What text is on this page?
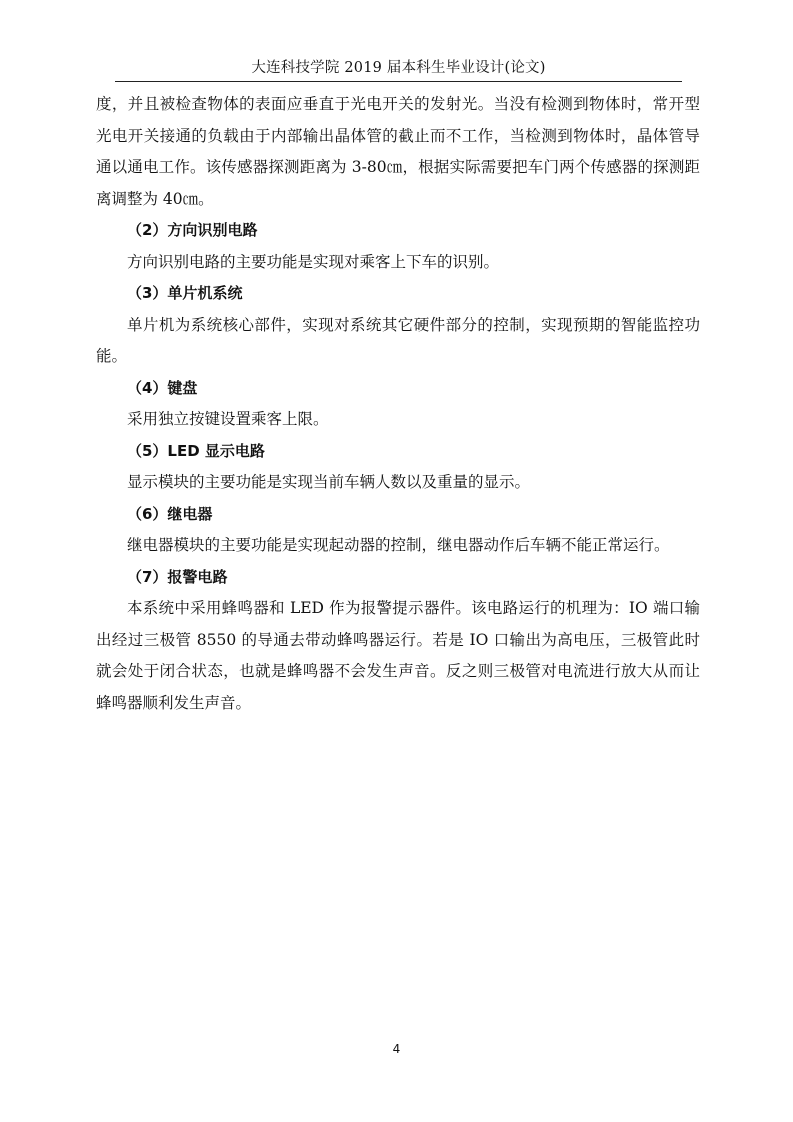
大连科技学院 2019 届本科生毕业设计(论文)

度，并且被检查物体的表面应垂直于光电开关的发射光。当没有检测到物体时，常开型光电开关接通的负载由于内部输出晶体管的截止而不工作，当检测到物体时，晶体管导通以通电工作。该传感器探测距离为 3-80㎝，根据实际需要把车门两个传感器的探测距离调整为 40㎝。

（2）方向识别电路

方向识别电路的主要功能是实现对乘客上下车的识别。

（3）单片机系统

单片机为系统核心部件，实现对系统其它硬件部分的控制，实现预期的智能监控功能。

（4）键盘

采用独立按键设置乘客上限。

（5）LED 显示电路

显示模块的主要功能是实现当前车辆人数以及重量的显示。

（6）继电器

继电器模块的主要功能是实现起动器的控制，继电器动作后车辆不能正常运行。

（7）报警电路

本系统中采用蜂鸣器和 LED 作为报警提示器件。该电路运行的机理为：IO 端口输出经过三极管 8550 的导通去带动蜂鸣器运行。若是 IO 口输出为高电压，三极管此时就会处于闭合状态，也就是蜂鸣器不会发生声音。反之则三极管对电流进行放大从而让蜂鸣器顺利发生声音。

4
